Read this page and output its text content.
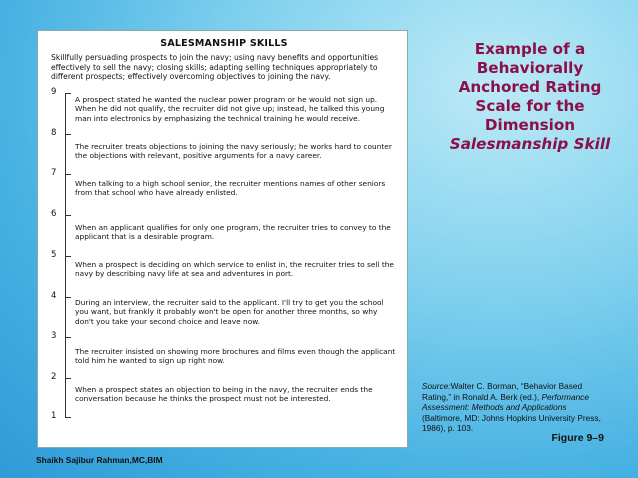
SALESMANSHIP SKILLS
Skillfully persuading prospects to join the navy; using navy benefits and opportunities effectively to sell the navy; closing skills; adapting selling techniques appropriately to different prospects; effectively overcoming objectives to joining the navy.
9
8
7
6
5
4
3
2
1
A prospect stated he wanted the nuclear power program or he would not sign up. When he did not qualify, the recruiter did not give up; instead, he talked this young man into electronics by emphasizing the technical training he would receive.
The recruiter treats objections to joining the navy seriously; he works hard to counter the objections with relevant, positive arguments for a navy career.
When talking to a high school senior, the recruiter mentions names of other seniors from that school who have already enlisted.
When an applicant qualifies for only one program, the recruiter tries to convey to the applicant that is a desirable program.
When a prospect is deciding on which service to enlist in, the recruiter tries to sell the navy by describing navy life at sea and adventures in port.
During an interview, the recruiter said to the applicant. I'll try to get you the school you want, but frankly it probably won't be open for another three months, so why don't you take your second choice and leave now.
The recruiter insisted on showing more brochures and films even though the applicant told him he wanted to sign up right now.
When a prospect states an objection to being in the navy, the recruiter ends the conversation because he thinks the prospect must not be interested.
Example of a Behaviorally Anchored Rating Scale for the Dimension
Salesmanship Skill
Source:Walter C. Borman, “Behavior Based Rating,” in Ronald A. Berk (ed.), Performance Assessment: Methods and Applications (Baltimore, MD: Johns Hopkins University Press, 1986), p. 103.
Figure 9–9
Shaikh Sajibur Rahman,MC,BIM
